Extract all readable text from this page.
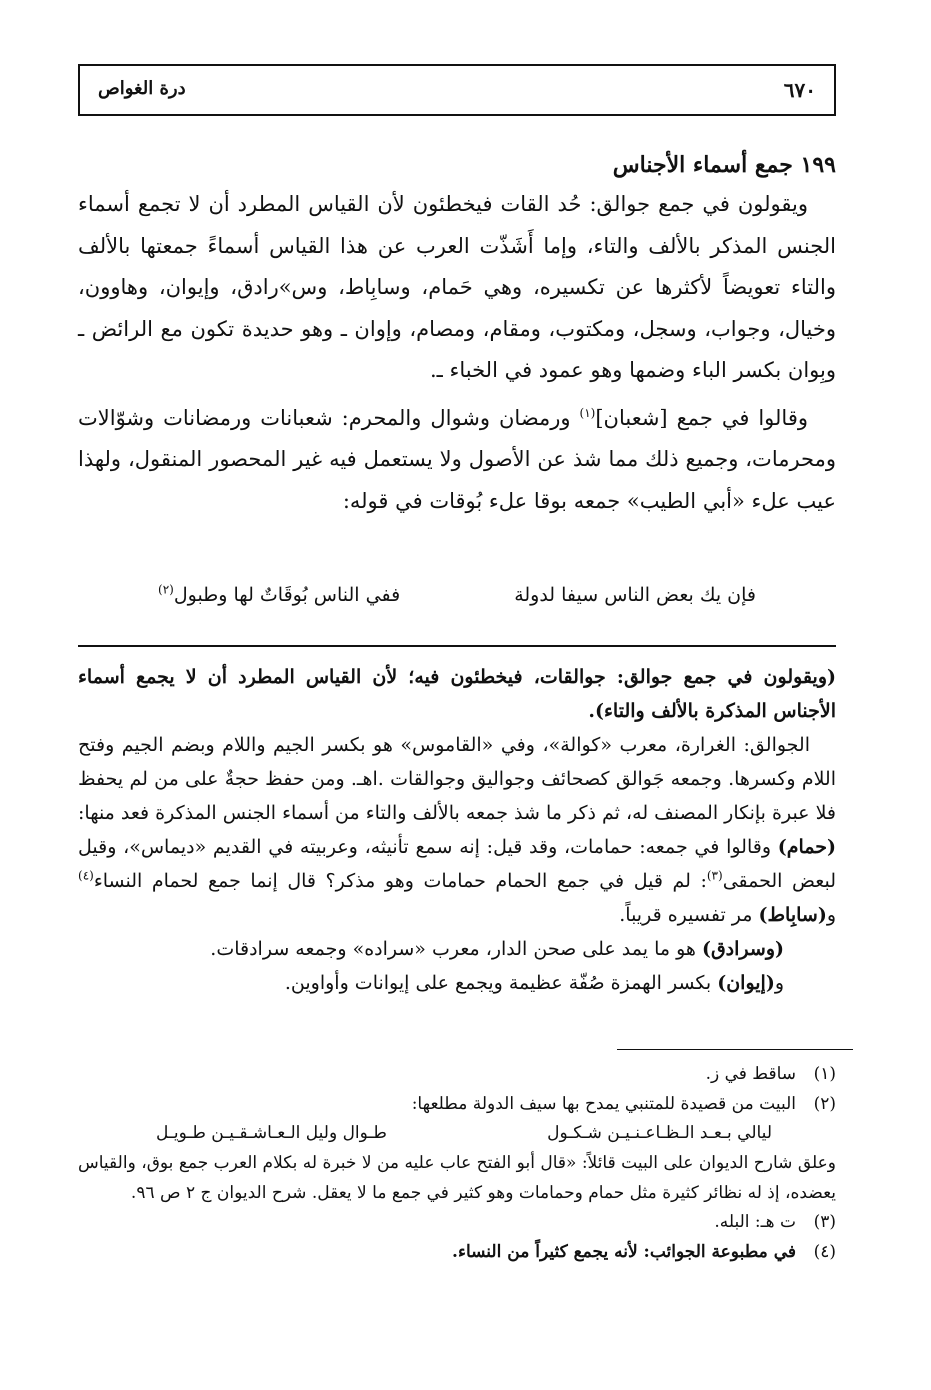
٦٧٠
درة الغواص
١٩٩ جمع أسماء الأجناس

ويقولون في جمع جوالق: حُد القات فيخطئون لأن القياس المطرد أن لا تجمع أسماء الجنس المذكر بالألف والتاء، وإما أَشَذّت العرب عن هذا القياس أسماءً جمعتها بالألف والتاء تعويضاً لأكثرها عن تكسيره، وهي حَمام، وسابِاط، وس»رادق، وإيوان، وهاوون، وخيال، وجواب، وسجل، ومكتوب، ومقام، ومصام، وإوان ـ وهو حديدة تكون مع الرائض ـ وبِوان بكسر الباء وضمها وهو عمود في الخباء ـ.

وقالوا في جمع [شعبان]$^{(١)}$ ورمضان وشوال والمحرم: شعبانات ورمضانات وشوّالات ومحرمات، وجميع ذلك مما شذ عن الأصول ولا يستعمل فيه غير المحصور المنقول، ولهذا عيب علء «أبي الطيب» جمعه بوقا علء بُوقات في قوله:

فإن يك بعض الناس سيفا لدولة
ففي الناس بُوقَاتٌ لها وطبول$^{(٢)}$

(ويقولون في جمع جوالق: جوالقات، فيخطئون فيه؛ لأن القياس المطرد أن لا يجمع أسماء الأجناس المذكرة بالألف والتاء).

الجوالق: الغرارة، معرب «كوالة»، وفي «القاموس» هو بكسر الجيم واللام وبضم الجيم وفتح اللام وكسرها. وجمعه جَوالق كصحائف وجواليق وجوالقات .اهـ. ومن حفظ حجةٌ على من لم يحفظ فلا عبرة بإنكار المصنف له، ثم ذكر ما شذ جمعه بالألف والتاء من أسماء الجنس المذكرة فعد منها: (حمام) وقالوا في جمعه: حمامات، وقد قيل: إنه سمع تأنيثه، وعربيته في القديم «ديماس»، وقيل لبعض الحمقى$^{(٣)}$: لم قيل في جمع الحمام حمامات وهو مذكر؟ قال إنما جمع لحمام النساء$^{(٤)}$ و(سابِاط) مر تفسيره قريباً.

(وسرادق) هو ما يمد على صحن الدار، معرب «سراده» وجمعه سرادقات.

و(إيوان) بكسر الهمزة صُفّة عظيمة ويجمع على إيوانات وأواوين.

(١)
ساقط في ز.
(٢)
البيت من قصيدة للمتنبي يمدح بها سيف الدولة مطلعها:
ليالي بـعـد الـظـاعـنـيـن شـكـول
طـوال وليل الـعـاشـقـيـن طـويـل
وعلق شارح الديوان على البيت قائلاً: «قال أبو الفتح عاب عليه من لا خبرة له بكلام العرب جمع بوق، والقياس يعضده، إذ له نظائر كثيرة مثل حمام وحمامات وهو كثير في جمع ما لا يعقل. شرح الديوان ج ٢ ص ٩٦.
(٣)
ت هـ: البله.
(٤)
في مطبوعة الجوائب: لأنه يجمع كثيراً من النساء.
